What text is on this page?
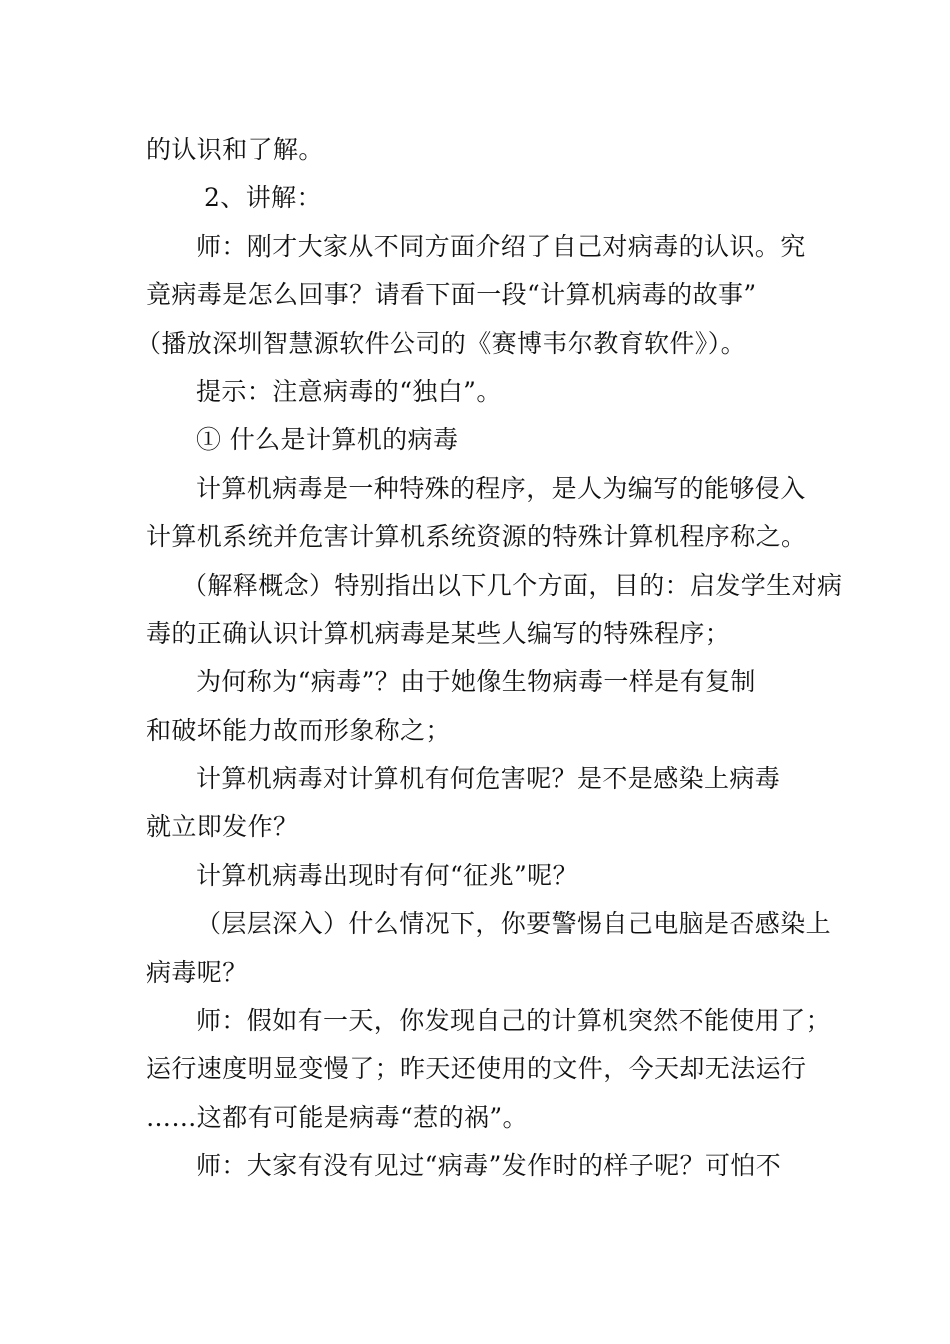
的认识和了解。
2、讲解：
师：刚才大家从不同方面介绍了自己对病毒的认识。究
竟病毒是怎么回事？请看下面一段“计算机病毒的故事”
（播放深圳智慧源软件公司的《赛博韦尔教育软件》）。
提示：注意病毒的“独白”。
① 什么是计算机的病毒
计算机病毒是一种特殊的程序，是人为编写的能够侵入
计算机系统并危害计算机系统资源的特殊计算机程序称之。
（解释概念）特别指出以下几个方面，目的：启发学生对病
毒的正确认识计算机病毒是某些人编写的特殊程序；
为何称为“病毒”？由于她像生物病毒一样是有复制
和破坏能力故而形象称之；
计算机病毒对计算机有何危害呢？是不是感染上病毒
就立即发作？
计算机病毒出现时有何“征兆”呢？
（层层深入）什么情况下，你要警惕自己电脑是否感染上
病毒呢？
师：假如有一天，你发现自己的计算机突然不能使用了；
运行速度明显变慢了；昨天还使用的文件，今天却无法运行
……这都有可能是病毒“惹的祸”。
师：大家有没有见过“病毒”发作时的样子呢？可怕不
